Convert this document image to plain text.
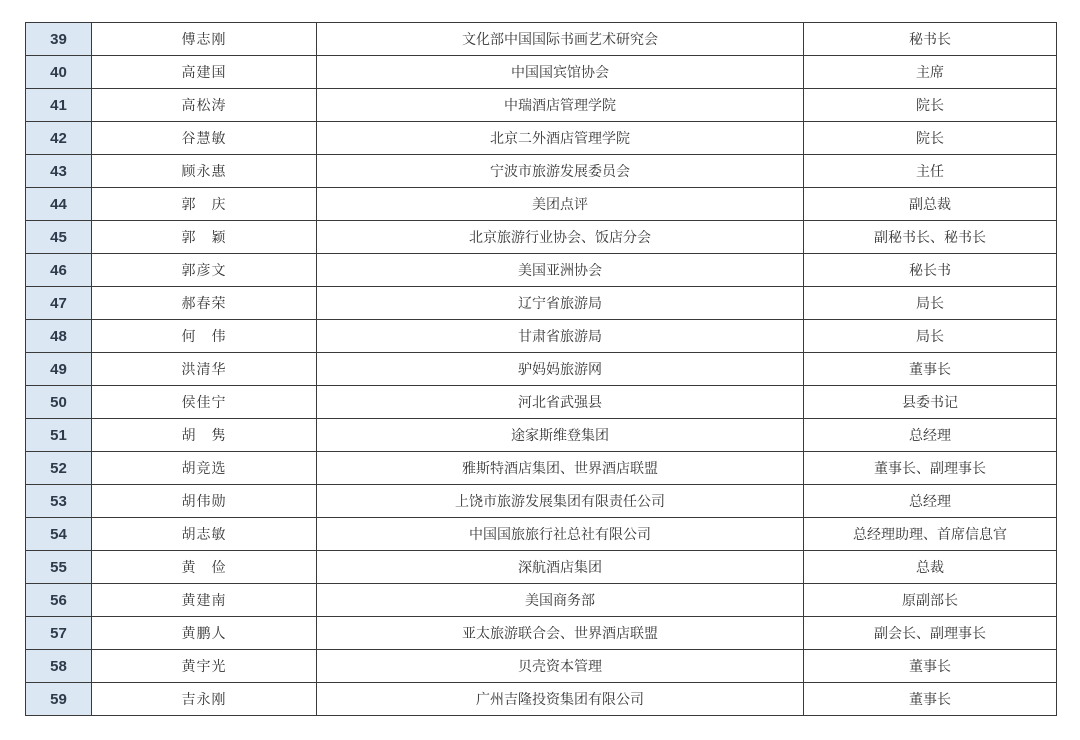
39	傅志刚	文化部中国国际书画艺术研究会	秘书长
40	高建国	中国国宾馆协会	主席
41	高松涛	中瑞酒店管理学院	院长
42	谷慧敏	北京二外酒店管理学院	院长
43	顾永惠	宁波市旅游发展委员会	主任
44	郭　庆	美团点评	副总裁
45	郭　颖	北京旅游行业协会、饭店分会	副秘书长、秘书长
46	郭彦文	美国亚洲协会	秘长书
47	郝春荣	辽宁省旅游局	局长
48	何　伟	甘肃省旅游局	局长
49	洪清华	驴妈妈旅游网	董事长
50	侯佳宁	河北省武强县	县委书记
51	胡　隽	途家斯维登集团	总经理
52	胡竞选	雅斯特酒店集团、世界酒店联盟	董事长、副理事长
53	胡伟勋	上饶市旅游发展集团有限责任公司	总经理
54	胡志敏	中国国旅旅行社总社有限公司	总经理助理、首席信息官
55	黄　俭	深航酒店集团	总裁
56	黄建南	美国商务部	原副部长
57	黄鹏人	亚太旅游联合会、世界酒店联盟	副会长、副理事长
58	黄宇光	贝壳资本管理	董事长
59	吉永刚	广州吉隆投资集团有限公司	董事长
